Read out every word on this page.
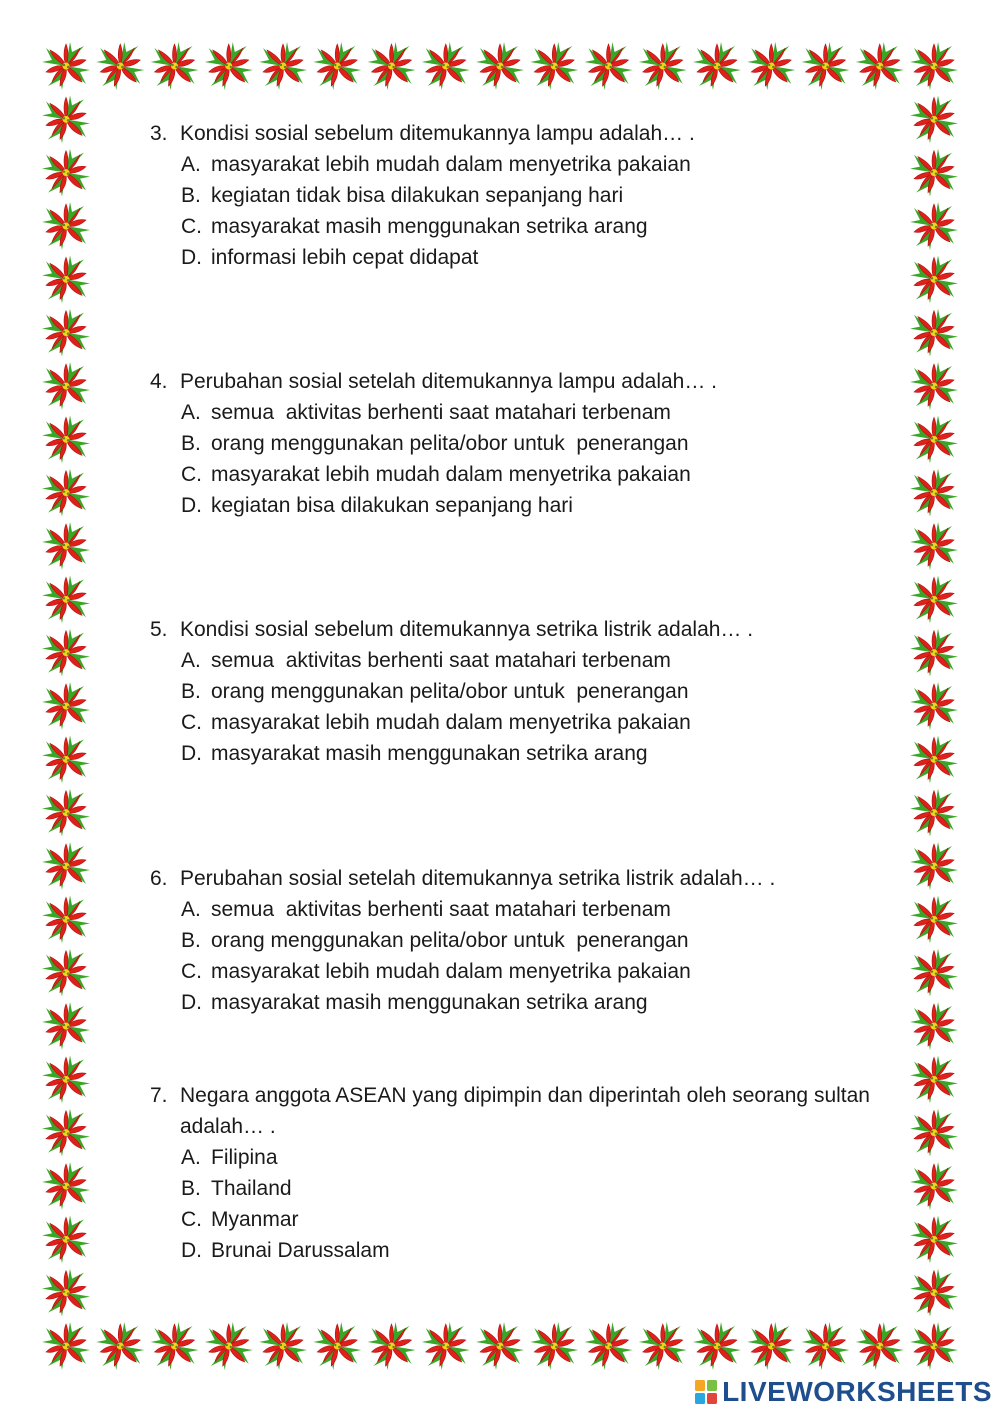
3. Kondisi sosial sebelum ditemukannya lampu adalah… .
A. masyarakat lebih mudah dalam menyetrika pakaian
B. kegiatan tidak bisa dilakukan sepanjang hari
C. masyarakat masih menggunakan setrika arang
D. informasi lebih cepat didapat
4. Perubahan sosial setelah ditemukannya lampu adalah… .
A. semua  aktivitas berhenti saat matahari terbenam
B. orang menggunakan pelita/obor untuk  penerangan
C. masyarakat lebih mudah dalam menyetrika pakaian
D. kegiatan bisa dilakukan sepanjang hari
5. Kondisi sosial sebelum ditemukannya setrika listrik adalah… .
A. semua  aktivitas berhenti saat matahari terbenam
B. orang menggunakan pelita/obor untuk  penerangan
C. masyarakat lebih mudah dalam menyetrika pakaian
D. masyarakat masih menggunakan setrika arang
6. Perubahan sosial setelah ditemukannya setrika listrik adalah… .
A. semua  aktivitas berhenti saat matahari terbenam
B. orang menggunakan pelita/obor untuk  penerangan
C. masyarakat lebih mudah dalam menyetrika pakaian
D. masyarakat masih menggunakan setrika arang
7. Negara anggota ASEAN yang dipimpin dan diperintah oleh seorang sultan
adalah… .
A. Filipina
B. Thailand
C. Myanmar
D. Brunai Darussalam
LIVEWORKSHEETS
